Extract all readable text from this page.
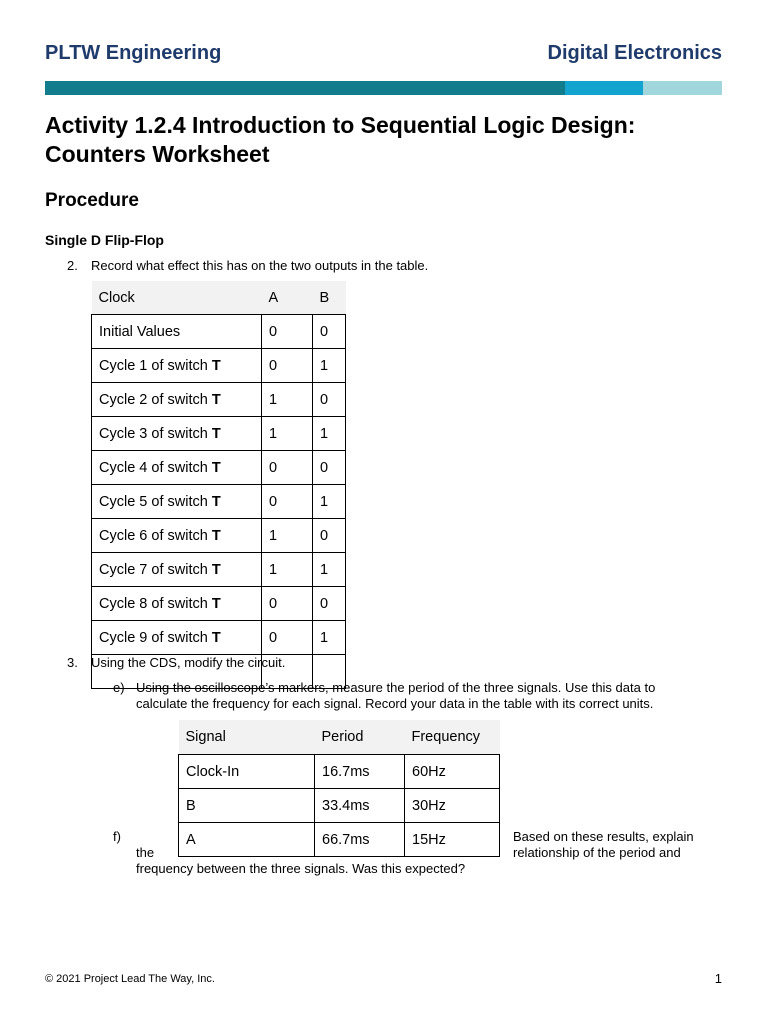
PLTW Engineering	Digital Electronics
Activity 1.2.4 Introduction to Sequential Logic Design:
Counters Worksheet
Procedure
Single D Flip-Flop
2. Record what effect this has on the two outputs in the table.
Clock	A	B
Initial Values	0	0
Cycle 1 of switch T	0	1
Cycle 2 of switch T	1	0
Cycle 3 of switch T	1	1
Cycle 4 of switch T	0	0
Cycle 5 of switch T	0	1
Cycle 6 of switch T	1	0
Cycle 7 of switch T	1	1
Cycle 8 of switch T	0	0
Cycle 9 of switch T	0	1

3. Using the CDS, modify the circuit.
e) Using the oscilloscope’s markers, measure the period of the three signals. Use this data to
calculate the frequency for each signal. Record your data in the table with its correct units.
Signal	Period	Frequency
Clock-In	16.7ms	60Hz
B	33.4ms	30Hz
A	66.7ms	15Hz
f)	Based on these results, explain
relationship of the period and
the
frequency between the three signals. Was this expected?
© 2021 Project Lead The Way, Inc.	1
